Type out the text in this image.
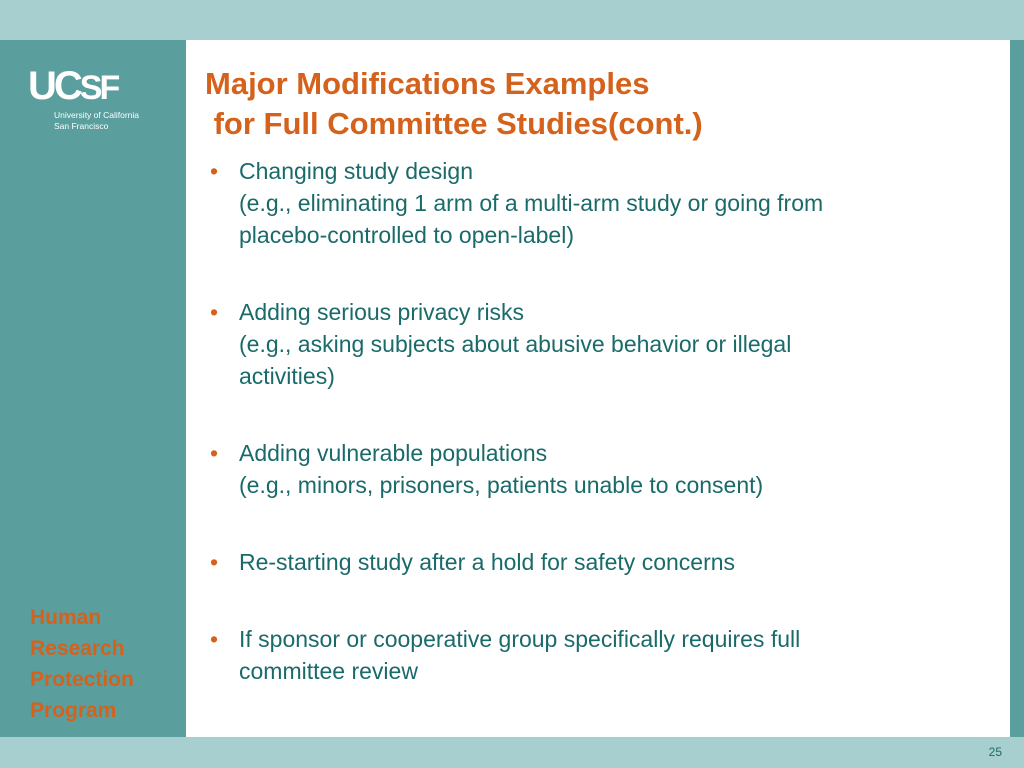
UCSF
University of California
San Francisco
Human
Research
Protection
Program
Major Modifications Examples
for Full Committee Studies(cont.)
• Changing study design
(e.g., eliminating 1 arm of a multi-arm study or going from
placebo-controlled to open-label)
• Adding serious privacy risks
(e.g., asking subjects about abusive behavior or illegal
activities)
• Adding vulnerable populations
(e.g., minors, prisoners, patients unable to consent)
• Re-starting study after a hold for safety concerns
• If sponsor or cooperative group specifically requires full
committee review
25
